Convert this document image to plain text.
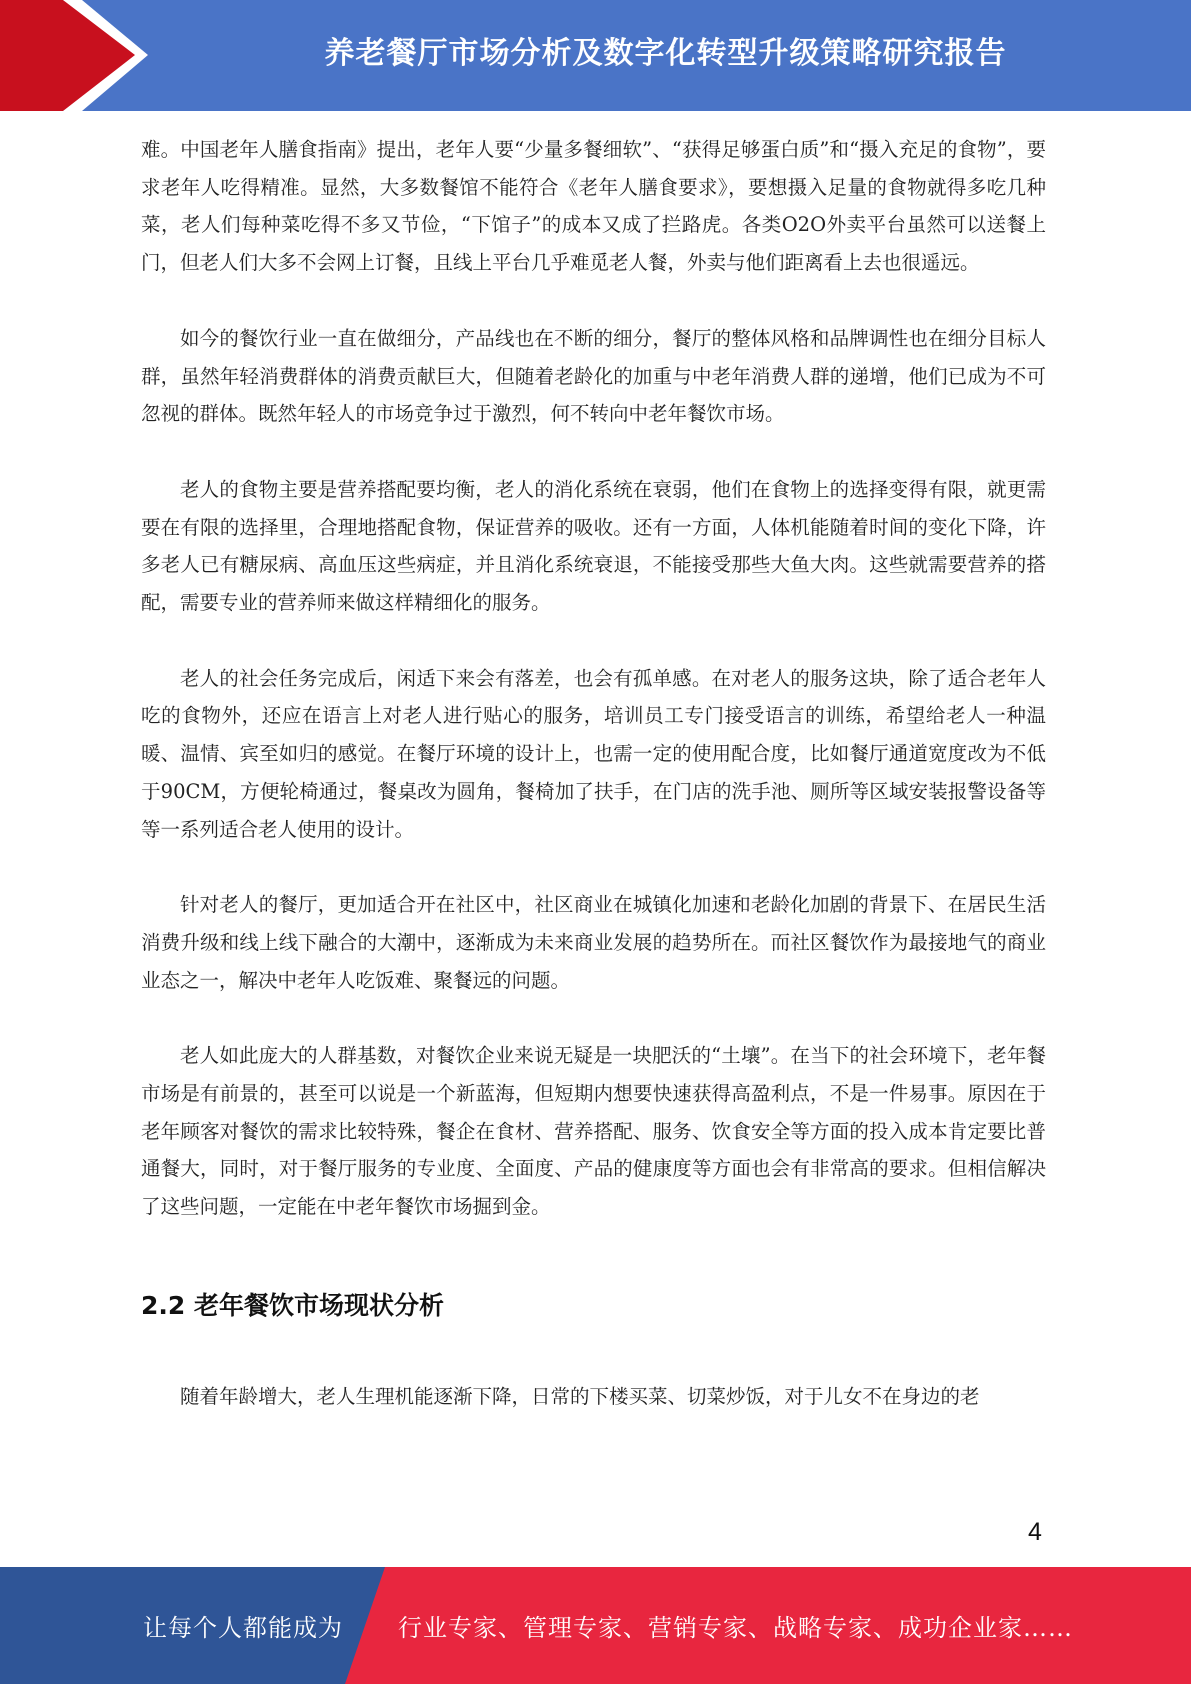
养老餐厅市场分析及数字化转型升级策略研究报告

难。中国老年人膳食指南》提出，老年人要“少量多餐细软”、“获得足够蛋白质”和“摄入充足的食物”，要求老年人吃得精准。显然，大多数餐馆不能符合《老年人膳食要求》，要想摄入足量的食物就得多吃几种菜，老人们每种菜吃得不多又节俭，“下馆子”的成本又成了拦路虎。各类O2O外卖平台虽然可以送餐上门，但老人们大多不会网上订餐，且线上平台几乎难觅老人餐，外卖与他们距离看上去也很遥远。

如今的餐饮行业一直在做细分，产品线也在不断的细分，餐厅的整体风格和品牌调性也在细分目标人群，虽然年轻消费群体的消费贡献巨大，但随着老龄化的加重与中老年消费人群的递增，他们已成为不可忽视的群体。既然年轻人的市场竞争过于激烈，何不转向中老年餐饮市场。

老人的食物主要是营养搭配要均衡，老人的消化系统在衰弱，他们在食物上的选择变得有限，就更需要在有限的选择里，合理地搭配食物，保证营养的吸收。还有一方面，人体机能随着时间的变化下降，许多老人已有糖尿病、高血压这些病症，并且消化系统衰退，不能接受那些大鱼大肉。这些就需要营养的搭配，需要专业的营养师来做这样精细化的服务。

老人的社会任务完成后，闲适下来会有落差，也会有孤单感。在对老人的服务这块，除了适合老年人吃的食物外，还应在语言上对老人进行贴心的服务，培训员工专门接受语言的训练，希望给老人一种温暖、温情、宾至如归的感觉。在餐厅环境的设计上，也需一定的使用配合度，比如餐厅通道宽度改为不低于90CM，方便轮椅通过，餐桌改为圆角，餐椅加了扶手，在门店的洗手池、厕所等区域安装报警设备等等一系列适合老人使用的设计。

针对老人的餐厅，更加适合开在社区中，社区商业在城镇化加速和老龄化加剧的背景下、在居民生活消费升级和线上线下融合的大潮中，逐渐成为未来商业发展的趋势所在。而社区餐饮作为最接地气的商业业态之一，解决中老年人吃饭难、聚餐远的问题。

老人如此庞大的人群基数，对餐饮企业来说无疑是一块肥沃的“土壤”。在当下的社会环境下，老年餐市场是有前景的，甚至可以说是一个新蓝海，但短期内想要快速获得高盈利点，不是一件易事。原因在于老年顾客对餐饮的需求比较特殊，餐企在食材、营养搭配、服务、饮食安全等方面的投入成本肯定要比普通餐大，同时，对于餐厅服务的专业度、全面度、产品的健康度等方面也会有非常高的要求。但相信解决了这些问题，一定能在中老年餐饮市场掘到金。

2.2 老年餐饮市场现状分析

随着年龄增大，老人生理机能逐渐下降，日常的下楼买菜、切菜炒饭，对于儿女不在身边的老

4
让每个人都能成为 行业专家、管理专家、营销专家、战略专家、成功企业家……
